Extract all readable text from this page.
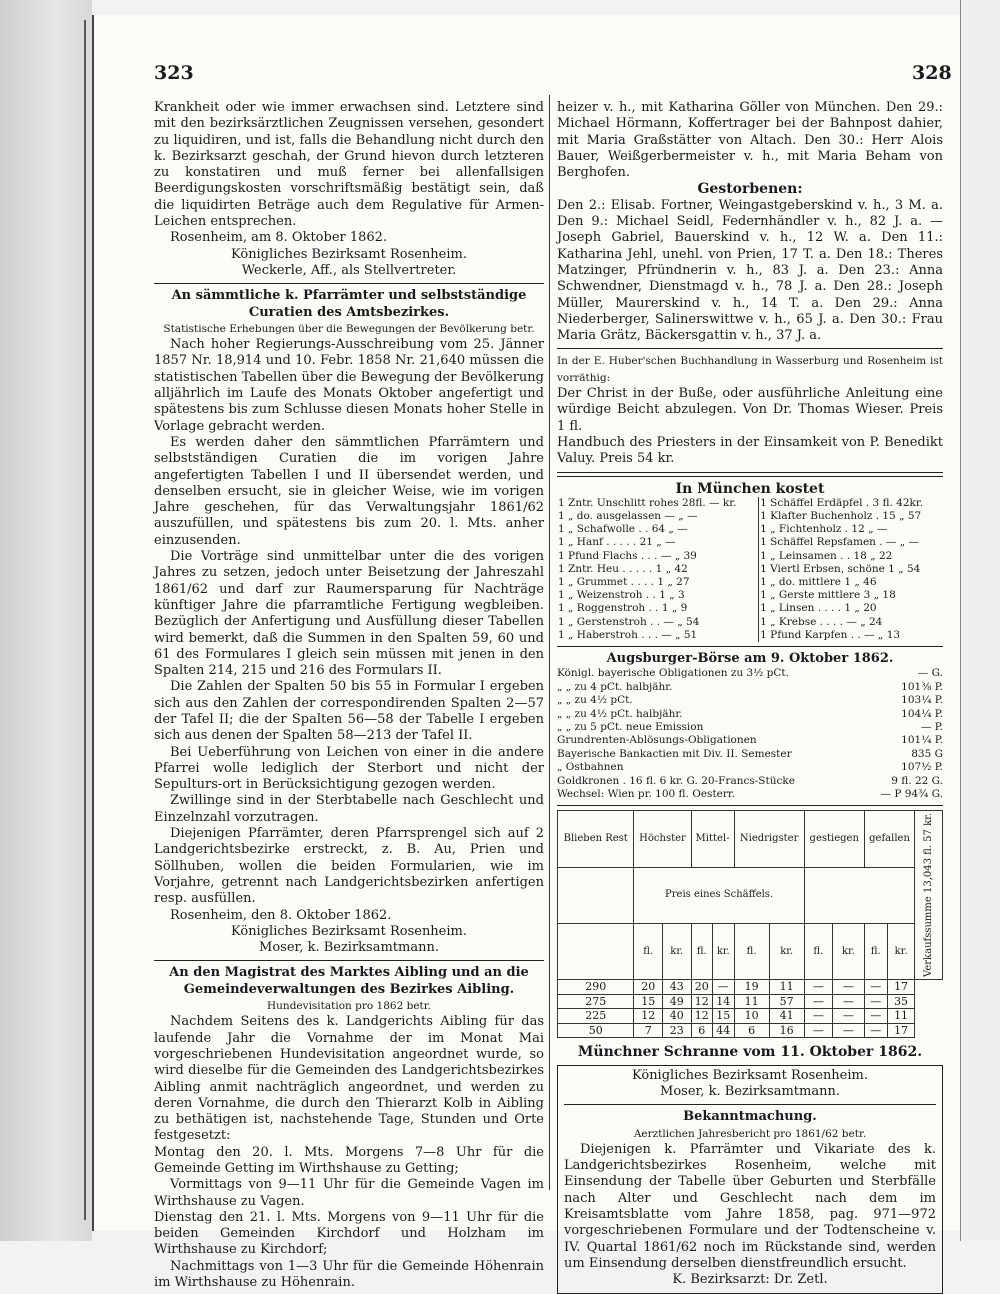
323	328

Krankheit oder wie immer erwachsen sind. Letztere sind mit den bezirksärztlichen Zeugnissen versehen, gesondert zu liquidiren, und ist, falls die Behandlung nicht durch den k. Bezirksarzt geschah, der Grund hievon durch letzteren zu konstatiren und muß ferner bei allenfallsigen Beerdigungskosten vorschriftsmäßig bestätigt sein, daß die liquidirten Beträge auch dem Regulative für Armen-Leichen entsprechen.

Rosenheim, am 8. Oktober 1862.

Königliches Bezirksamt Rosenheim.

Weckerle, Aff., als Stellvertreter.

An sämmtliche k. Pfarrämter und selbstständige Curatien des Amtsbezirkes.

Statistische Erhebungen über die Bewegungen der Bevölkerung betr.

Nach hoher Regierungs-Ausschreibung vom 25. Jänner 1857 Nr. 18,914 und 10. Febr. 1858 Nr. 21,640 müssen die statistischen Tabellen über die Bewegung der Bevölkerung alljährlich im Laufe des Monats Oktober angefertigt und spätestens bis zum Schlusse diesen Monats hoher Stelle in Vorlage gebracht werden.

Es werden daher den sämmtlichen Pfarrämtern und selbstständigen Curatien die im vorigen Jahre angefertigten Tabellen I und II übersendet werden, und denselben ersucht, sie in gleicher Weise, wie im vorigen Jahre geschehen, für das Verwaltungsjahr 1861/62 auszufüllen, und spätestens bis zum 20. l. Mts. anher einzusenden.

Die Vorträge sind unmittelbar unter die des vorigen Jahres zu setzen, jedoch unter Beisetzung der Jahreszahl 1861/62 und darf zur Raumersparung für Nachträge künftiger Jahre die pfarramtliche Fertigung wegbleiben. Bezüglich der Anfertigung und Ausfüllung dieser Tabellen wird bemerkt, daß die Summen in den Spalten 59, 60 und 61 des Formulares I gleich sein müssen mit jenen in den Spalten 214, 215 und 216 des Formulars II.

Die Zahlen der Spalten 50 bis 55 in Formular I ergeben sich aus den Zahlen der correspondirenden Spalten 2—57 der Tafel II; die der Spalten 56—58 der Tabelle I ergeben sich aus denen der Spalten 58—213 der Tafel II.

Bei Ueberführung von Leichen von einer in die andere Pfarrei wolle lediglich der Sterbort und nicht der Sepulturs-ort in Berücksichtigung gezogen werden.

Zwillinge sind in der Sterbtabelle nach Geschlecht und Einzelnzahl vorzutragen.

Diejenigen Pfarrämter, deren Pfarrsprengel sich auf 2 Landgerichtsbezirke erstreckt, z. B. Au, Prien und Söllhuben, wollen die beiden Formularien, wie im Vorjahre, getrennt nach Landgerichtsbezirken anfertigen resp. ausfüllen.

Rosenheim, den 8. Oktober 1862.

Königliches Bezirksamt Rosenheim.

Moser, k. Bezirksamtmann.

An den Magistrat des Marktes Aibling und an die Gemeindeverwaltungen des Bezirkes Aibling.

Hundevisitation pro 1862 betr.

Nachdem Seitens des k. Landgerichts Aibling für das laufende Jahr die Vornahme der im Monat Mai vorgeschriebenen Hundevisitation angeordnet wurde, so wird dieselbe für die Gemeinden des Landgerichtsbezirkes Aibling anmit nachträglich angeordnet, und werden zu deren Vornahme, die durch den Thierarzt Kolb in Aibling zu bethätigen ist, nachstehende Tage, Stunden und Orte festgesetzt:

Montag den 20. l. Mts. Morgens 7—8 Uhr für die Gemeinde Getting im Wirthshause zu Getting;

Vormittags von 9—11 Uhr für die Gemeinde Vagen im Wirthshause zu Vagen.

Dienstag den 21. l. Mts. Morgens von 9—11 Uhr für die beiden Gemeinden Kirchdorf und Holzham im Wirthshause zu Kirchdorf;

Nachmittags von 1—3 Uhr für die Gemeinde Höhenrain im Wirthshause zu Höhenrain.

heizer v. h., mit Katharina Göller von München. Den 29.: Michael Hörmann, Koffertrager bei der Bahnpost dahier, mit Maria Graßstätter von Altach. Den 30.: Herr Alois Bauer, Weißgerbermeister v. h., mit Maria Beham von Berghofen.

Gestorbenen:

Den 2.: Elisab. Fortner, Weingastgeberskind v. h., 3 M. a. Den 9.: Michael Seidl, Federnhändler v. h., 82 J. a. — Joseph Gabriel, Bauerskind v. h., 12 W. a. Den 11.: Katharina Jehl, unehl. von Prien, 17 T. a. Den 18.: Theres Matzinger, Pfründnerin v. h., 83 J. a. Den 23.: Anna Schwendner, Dienstmagd v. h., 78 J. a. Den 28.: Joseph Müller, Maurerskind v. h., 14 T. a. Den 29.: Anna Niederberger, Salinerswittwe v. h., 65 J. a. Den 30.: Frau Maria Grätz, Bäckersgattin v. h., 37 J. a.

In der E. Huber'schen Buchhandlung in Wasserburg und Rosenheim ist vorräthig:

Der Christ in der Buße, oder ausführliche Anleitung eine würdige Beicht abzulegen. Von Dr. Thomas Wieser. Preis 1 fl.

Handbuch des Priesters in der Einsamkeit von P. Benedikt Valuy. Preis 54 kr.

In München kostet

1 Zntr. Unschlitt rohes 28fl. — kr.	1 Schäffel Erdäpfel . 3 fl. 42kr.
1 „ do. ausgelassen — „ —	1 Klafter Buchenholz . 15 „ 57
1 „ Schafwolle . . 64 „ —	1 „ Fichtenholz . 12 „ —
1 „ Hanf . . . . . 21 „ —	1 Schäffel Repsfamen . — „ —
1 Pfund Flachs . . . — „ 39	1 „ Leinsamen . . 18 „ 22
1 Zntr. Heu . . . . . 1 „ 42	1 Viertl Erbsen, schöne 1 „ 54
1 „ Grummet . . . . 1 „ 27	1 „ do. mittlere 1 „ 46
1 „ Weizenstroh . . 1 „ 3	1 „ Gerste mittlere 3 „ 18
1 „ Roggenstroh . . 1 „ 9	1 „ Linsen . . . . 1 „ 20
1 „ Gerstenstroh . . — „ 54	1 „ Krebse . . . . — „ 24
1 „ Haberstroh . . . — „ 51	1 Pfund Karpfen . . — „ 13

Augsburger-Börse am 9. Oktober 1862.

Königl. bayerische Obligationen zu 3½ pCt.	— G.
„ „ zu 4 pCt. halbjähr.	101⅜ P.
„ „ zu 4½ pCt.	103¼ P.
„ „ zu 4½ pCt. halbjähr.	104¼ P.
„ „ zu 5 pCt. neue Emission	— P.
Grundrenten-Ablösungs-Obligationen	101¼ P.
Bayerische Bankactien mit Div. II. Semester	835 G
„ Ostbahnen	107½ P.
Goldkronen . 16 fl. 6 kr. G. 20-Francs-Stücke	9 fl. 22 G.
Wechsel: Wien pr. 100 fl. Oesterr.	— P 94¾ G.
Blieben Rest	Höchster		Mittel-		Niedrigster		gestiegen		gefallen		Verkaufssumme 13,043 fl. 57 kr.
	Preis eines Schäffels.										
	fl.	kr.	fl.	kr.	fl.	kr.	fl.	kr.	fl.	kr.	
290	20	43	20	—	19	11	—	—	—	17	
275	15	49	12	14	11	57	—	—	—	35	
225	12	40	12	15	10	41	—	—	—	11	
50	7	23	6	44	6	16	—	—	—	17	

Münchner Schranne vom 11. Oktober 1862.

Königliches Bezirksamt Rosenheim.

Moser, k. Bezirksamtmann.

Bekanntmachung.

Aerztlichen Jahresbericht pro 1861/62 betr.

Diejenigen k. Pfarrämter und Vikariate des k. Landgerichtsbezirkes Rosenheim, welche mit Einsendung der Tabelle über Geburten und Sterbfälle nach Alter und Geschlecht nach dem im Kreisamtsblatte vom Jahre 1858, pag. 971—972 vorgeschriebenen Formulare und der Todtenscheine v. IV. Quartal 1861/62 noch im Rückstande sind, werden um Einsendung derselben dienstfreundlich ersucht.

K. Bezirksarzt: Dr. Zetl.
